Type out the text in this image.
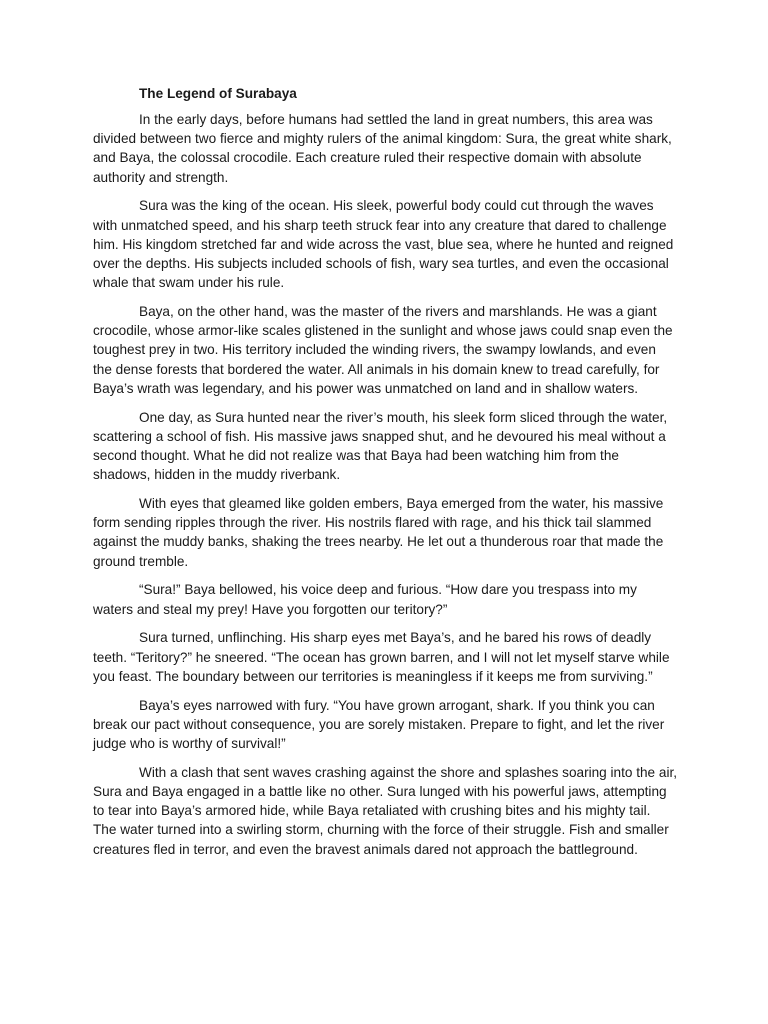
The Legend of Surabaya

In the early days, before humans had settled the land in great numbers, this area was divided between two fierce and mighty rulers of the animal kingdom: Sura, the great white shark, and Baya, the colossal crocodile. Each creature ruled their respective domain with absolute authority and strength.

Sura was the king of the ocean. His sleek, powerful body could cut through the waves with unmatched speed, and his sharp teeth struck fear into any creature that dared to challenge him. His kingdom stretched far and wide across the vast, blue sea, where he hunted and reigned over the depths. His subjects included schools of fish, wary sea turtles, and even the occasional whale that swam under his rule.

Baya, on the other hand, was the master of the rivers and marshlands. He was a giant crocodile, whose armor-like scales glistened in the sunlight and whose jaws could snap even the toughest prey in two. His territory included the winding rivers, the swampy lowlands, and even the dense forests that bordered the water. All animals in his domain knew to tread carefully, for Baya’s wrath was legendary, and his power was unmatched on land and in shallow waters.

One day, as Sura hunted near the river’s mouth, his sleek form sliced through the water, scattering a school of fish. His massive jaws snapped shut, and he devoured his meal without a second thought. What he did not realize was that Baya had been watching him from the shadows, hidden in the muddy riverbank.

With eyes that gleamed like golden embers, Baya emerged from the water, his massive form sending ripples through the river. His nostrils flared with rage, and his thick tail slammed against the muddy banks, shaking the trees nearby. He let out a thunderous roar that made the ground tremble.

“Sura!” Baya bellowed, his voice deep and furious. “How dare you trespass into my waters and steal my prey! Have you forgotten our teritory?”

Sura turned, unflinching. His sharp eyes met Baya’s, and he bared his rows of deadly teeth. “Teritory?” he sneered. “The ocean has grown barren, and I will not let myself starve while you feast. The boundary between our territories is meaningless if it keeps me from surviving.”

Baya’s eyes narrowed with fury. “You have grown arrogant, shark. If you think you can break our pact without consequence, you are sorely mistaken. Prepare to fight, and let the river judge who is worthy of survival!”

With a clash that sent waves crashing against the shore and splashes soaring into the air, Sura and Baya engaged in a battle like no other. Sura lunged with his powerful jaws, attempting to tear into Baya’s armored hide, while Baya retaliated with crushing bites and his mighty tail. The water turned into a swirling storm, churning with the force of their struggle. Fish and smaller creatures fled in terror, and even the bravest animals dared not approach the battleground.
